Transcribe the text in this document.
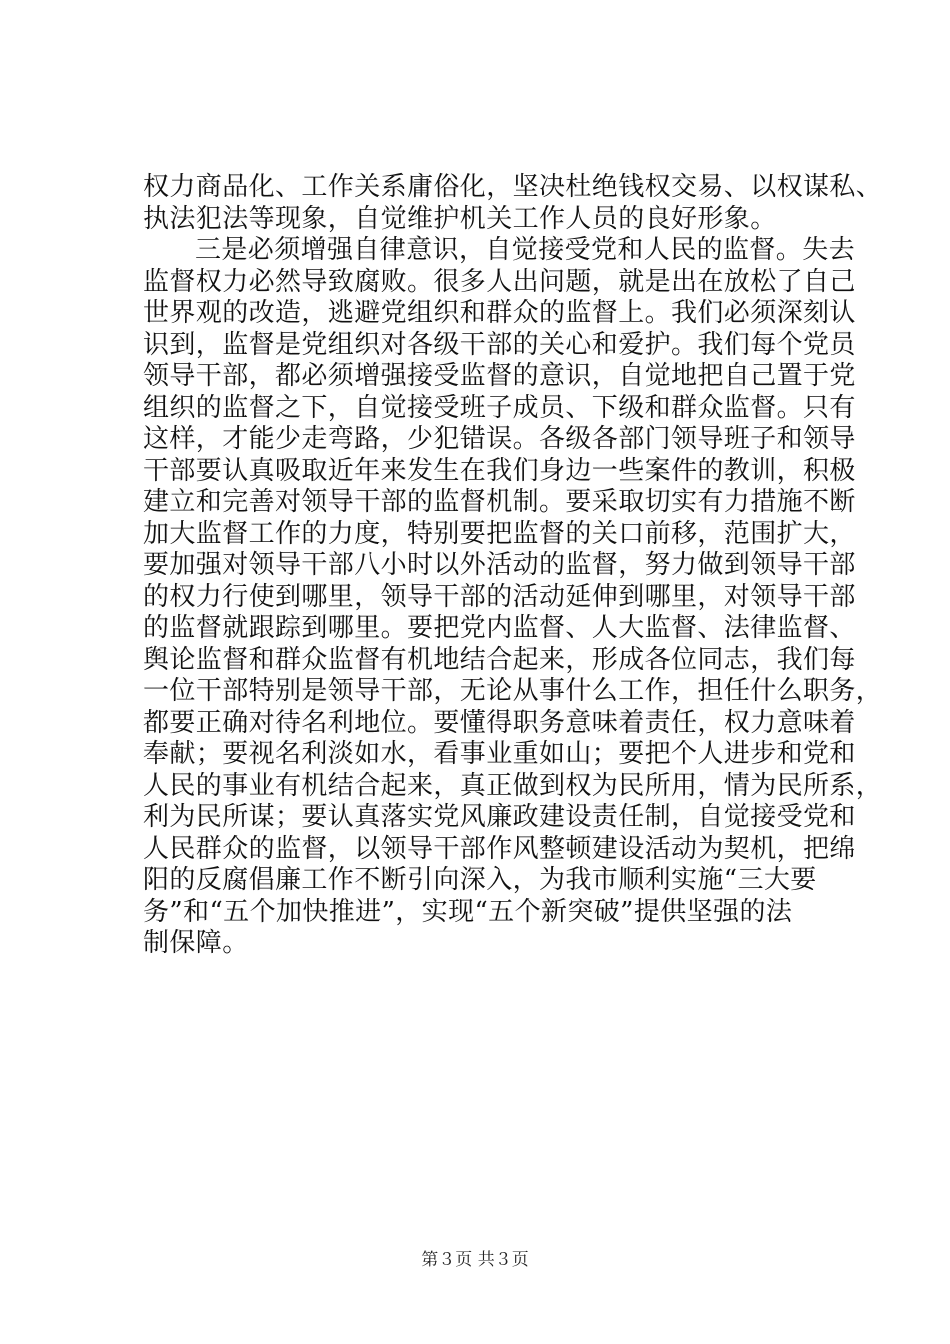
权力商品化、工作关系庸俗化，坚决杜绝钱权交易、以权谋私、
执法犯法等现象，自觉维护机关工作人员的良好形象。
三是必须增强自律意识，自觉接受党和人民的监督。失去
监督权力必然导致腐败。很多人出问题，就是出在放松了自己
世界观的改造，逃避党组织和群众的监督上。我们必须深刻认
识到，监督是党组织对各级干部的关心和爱护。我们每个党员
领导干部，都必须增强接受监督的意识，自觉地把自己置于党
组织的监督之下，自觉接受班子成员、下级和群众监督。只有
这样，才能少走弯路，少犯错误。各级各部门领导班子和领导
干部要认真吸取近年来发生在我们身边一些案件的教训，积极
建立和完善对领导干部的监督机制。要采取切实有力措施不断
加大监督工作的力度，特别要把监督的关口前移，范围扩大，
要加强对领导干部八小时以外活动的监督，努力做到领导干部
的权力行使到哪里，领导干部的活动延伸到哪里，对领导干部
的监督就跟踪到哪里。要把党内监督、人大监督、法律监督、
舆论监督和群众监督有机地结合起来，形成各位同志，我们每
一位干部特别是领导干部，无论从事什么工作，担任什么职务，
都要正确对待名利地位。要懂得职务意味着责任，权力意味着
奉献；要视名利淡如水，看事业重如山；要把个人进步和党和
人民的事业有机结合起来，真正做到权为民所用，情为民所系，
利为民所谋；要认真落实党风廉政建设责任制，自觉接受党和
人民群众的监督，以领导干部作风整顿建设活动为契机，把绵
阳的反腐倡廉工作不断引向深入，为我市顺利实施“三大要
务”和“五个加快推进”，实现“五个新突破”提供坚强的法
制保障。
第３页 共３页
